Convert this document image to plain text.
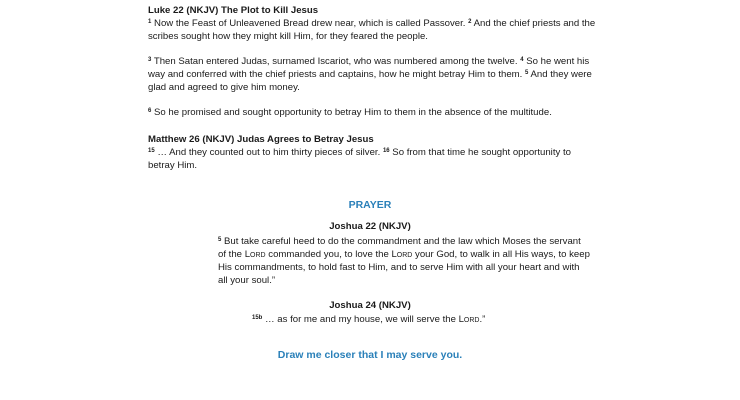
Luke 22 (NKJV) The Plot to Kill Jesus

$^1$ Now the Feast of Unleavened Bread drew near, which is called Passover. $^2$ And the chief priests and the scribes sought how they might kill Him, for they feared the people.

$^3$ Then Satan entered Judas, surnamed Iscariot, who was numbered among the twelve. $^4$ So he went his way and conferred with the chief priests and captains, how he might betray Him to them. $^5$ And they were glad and agreed to give him money.

$^6$ So he promised and sought opportunity to betray Him to them in the absence of the multitude.

Matthew 26 (NKJV) Judas Agrees to Betray Jesus

$^{15}$ … And they counted out to him thirty pieces of silver. $^{16}$ So from that time he sought opportunity to betray Him.

PRAYER
Joshua 22 (NKJV)
$^5$ But take careful heed to do the commandment and the law which Moses the servant of the Lord commanded you, to love the Lord your God, to walk in all His ways, to keep His commandments, to hold fast to Him, and to serve Him with all your heart and with all your soul.”
Joshua 24 (NKJV)
$^{15b}$ … as for me and my house, we will serve the Lord.”
Draw me closer that I may serve you.
